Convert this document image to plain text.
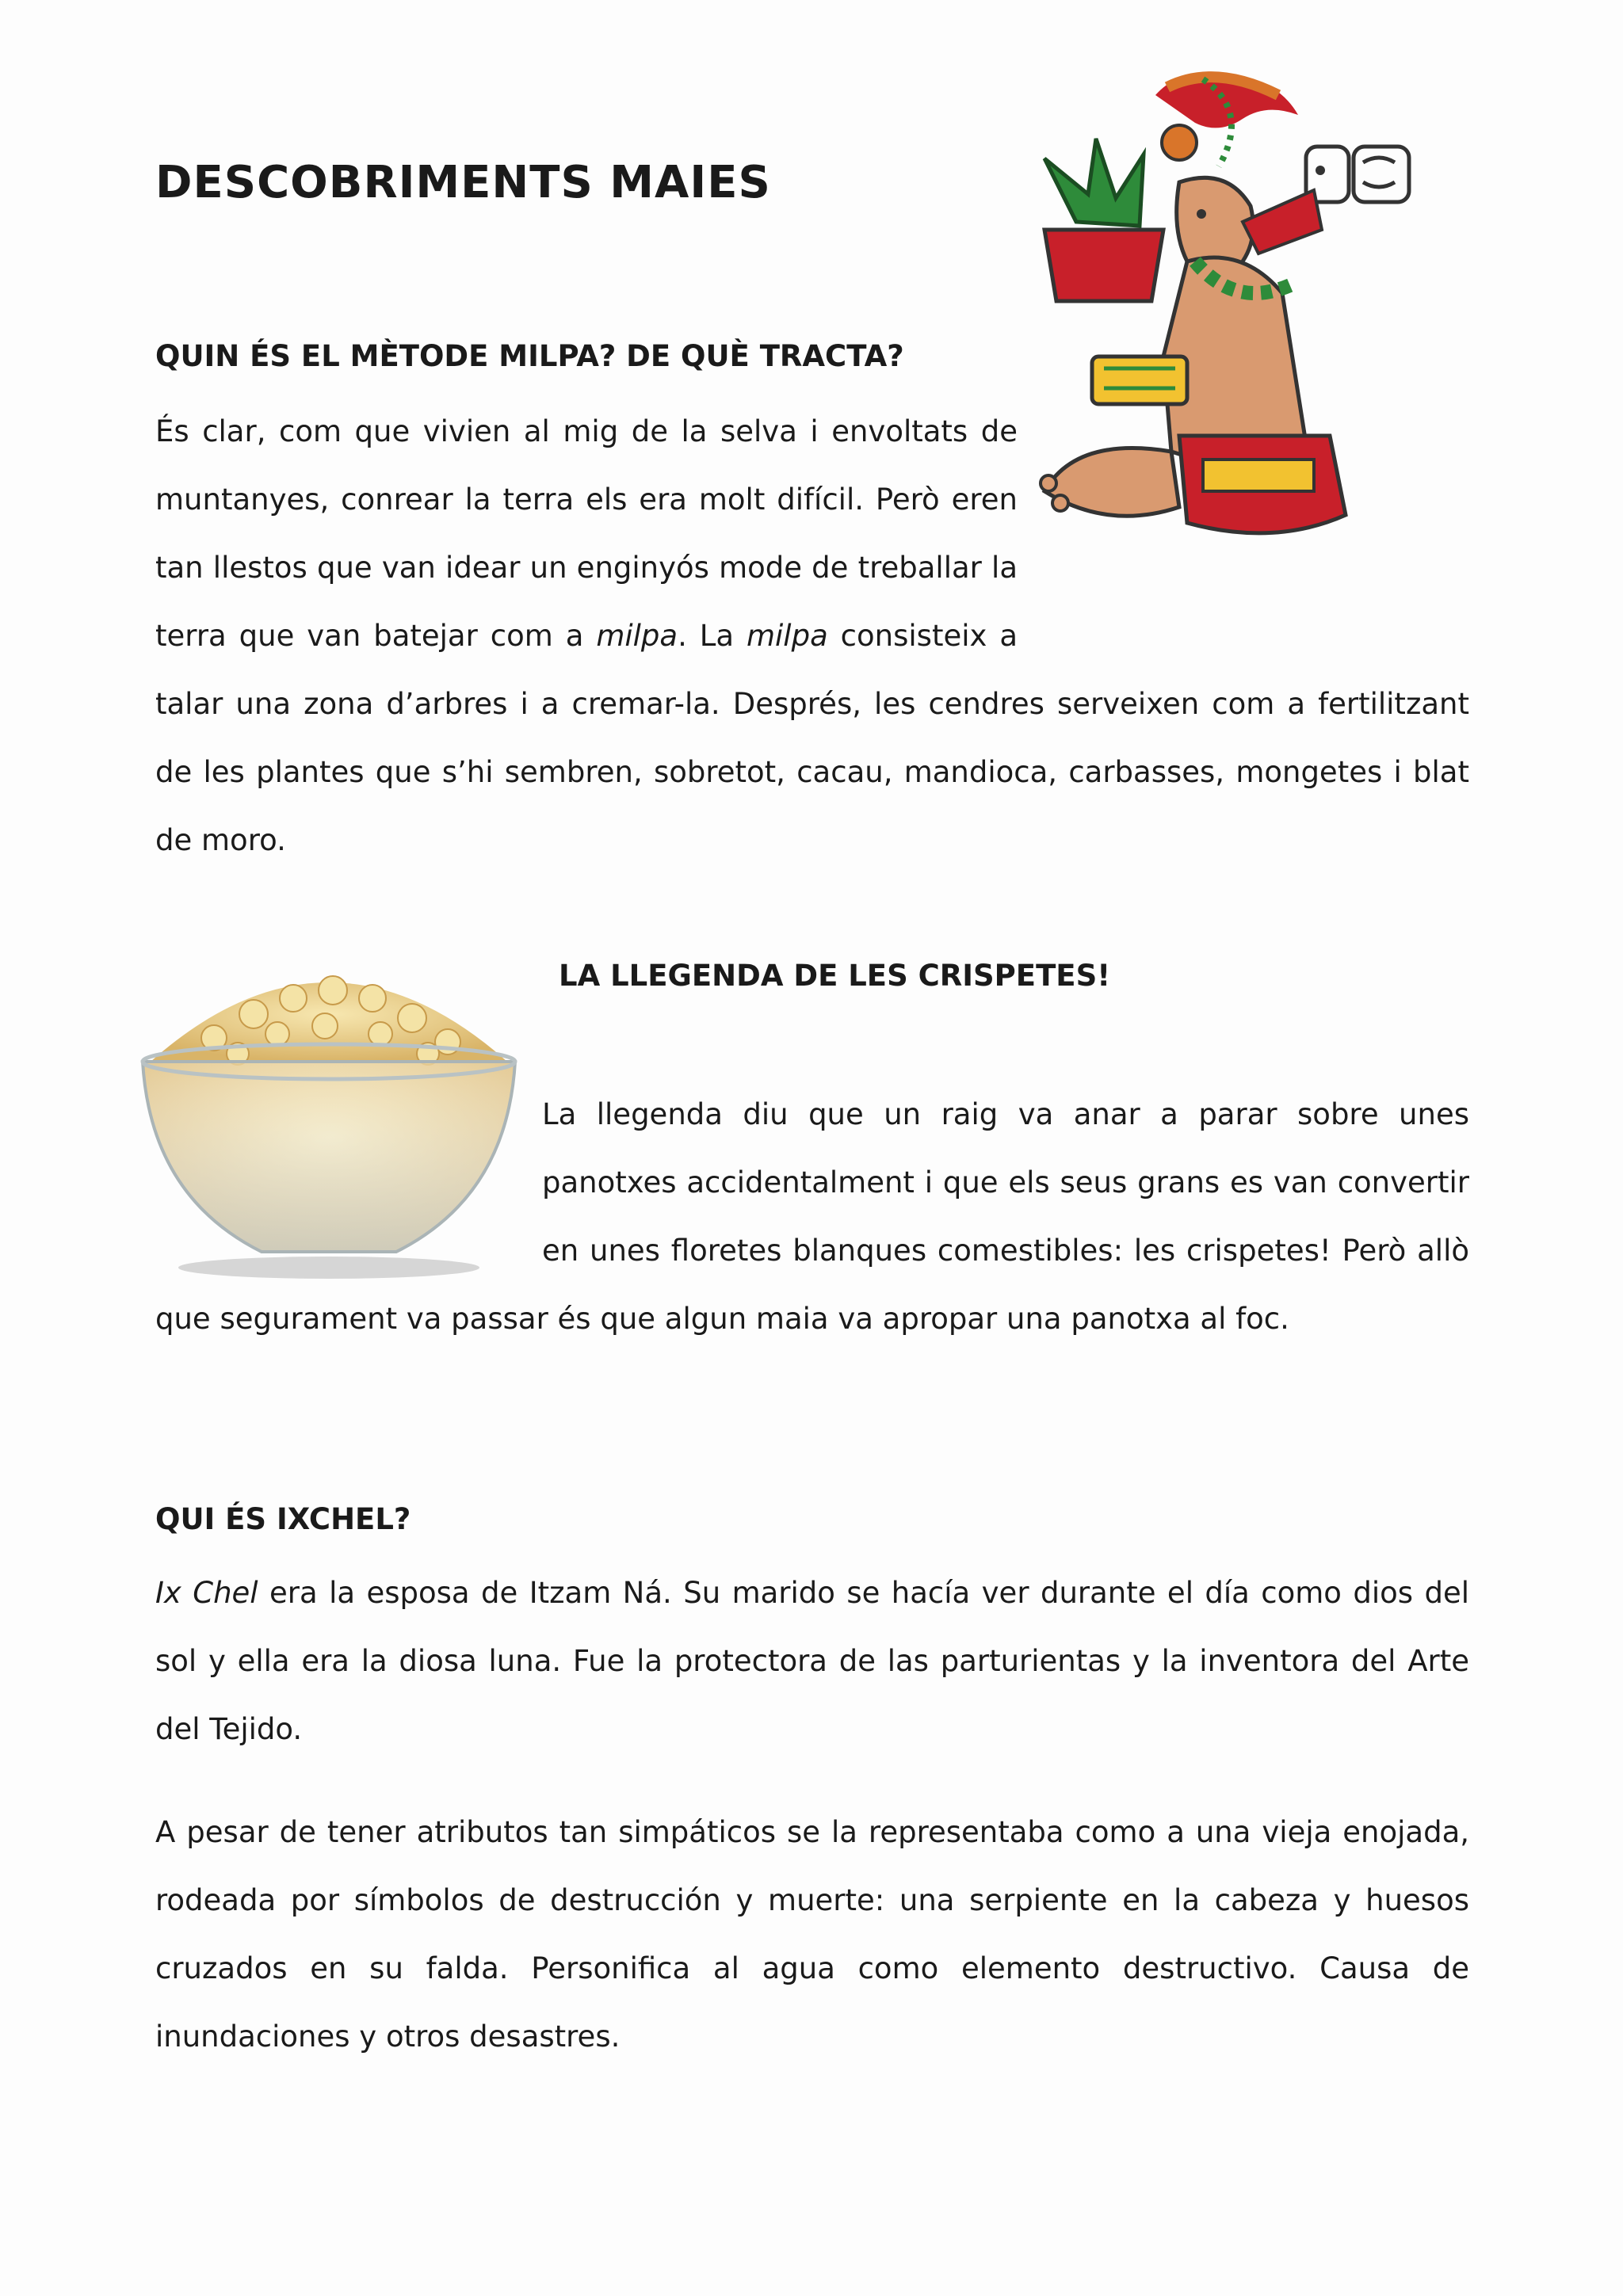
DESCOBRIMENTS MAIES
QUIN ÉS EL MÈTODE MILPA? DE QUÈ TRACTA?

És clar, com que vivien al mig de la selva i envoltats de muntanyes, conrear la terra els era molt difícil. Però eren tan llestos que van idear un enginyós mode de treballar la terra que van batejar com a milpa. La milpa consisteix a talar una zona d’arbres i a cremar-la. Després, les cendres serveixen com a fertilitzant de les plantes que s’hi sembren, sobretot, cacau, mandioca, carbasses, mongetes i blat de moro.

LA LLEGENDA DE LES CRISPETES!

La llegenda diu que un raig va anar a parar sobre unes panotxes accidentalment i que els seus grans es van convertir en unes floretes blanques comestibles: les crispetes! Però allò que segurament va passar és que algun maia va apropar una panotxa al foc.

QUI ÉS IXCHEL?

Ix Chel era la esposa de Itzam Ná. Su marido se hacía ver durante el día como dios del sol y ella era la diosa luna. Fue la protectora de las parturientas y la inventora del Arte del Tejido.

A pesar de tener atributos tan simpáticos se la representaba como a una vieja enojada, rodeada por símbolos de destrucción y muerte: una serpiente en la cabeza y huesos cruzados en su falda. Personifica al agua como elemento destructivo. Causa de inundaciones y otros desastres.
